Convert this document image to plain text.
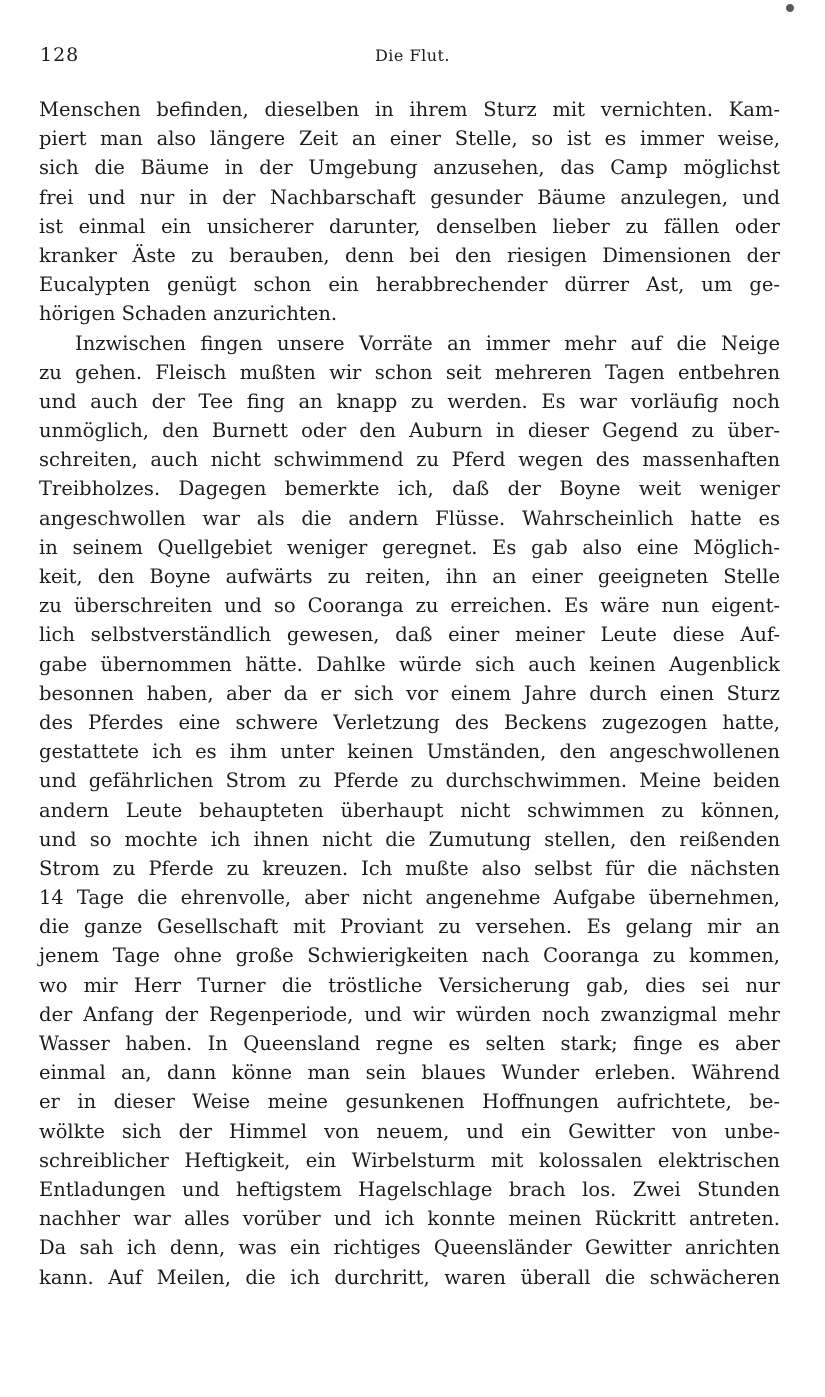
128	Die Flut.
Menschen befinden, dieselben in ihrem Sturz mit vernichten. Kam-
piert man also längere Zeit an einer Stelle, so ist es immer weise,
sich die Bäume in der Umgebung anzusehen, das Camp möglichst
frei und nur in der Nachbarschaft gesunder Bäume anzulegen, und
ist einmal ein unsicherer darunter, denselben lieber zu fällen oder
kranker Äste zu berauben, denn bei den riesigen Dimensionen der
Eucalypten genügt schon ein herabbrechender dürrer Ast, um ge-
hörigen Schaden anzurichten.
Inzwischen fingen unsere Vorräte an immer mehr auf die Neige
zu gehen. Fleisch mußten wir schon seit mehreren Tagen entbehren
und auch der Tee fing an knapp zu werden. Es war vorläufig noch
unmöglich, den Burnett oder den Auburn in dieser Gegend zu über-
schreiten, auch nicht schwimmend zu Pferd wegen des massenhaften
Treibholzes. Dagegen bemerkte ich, daß der Boyne weit weniger
angeschwollen war als die andern Flüsse. Wahrscheinlich hatte es
in seinem Quellgebiet weniger geregnet. Es gab also eine Möglich-
keit, den Boyne aufwärts zu reiten, ihn an einer geeigneten Stelle
zu überschreiten und so Cooranga zu erreichen. Es wäre nun eigent-
lich selbstverständlich gewesen, daß einer meiner Leute diese Auf-
gabe übernommen hätte. Dahlke würde sich auch keinen Augenblick
besonnen haben, aber da er sich vor einem Jahre durch einen Sturz
des Pferdes eine schwere Verletzung des Beckens zugezogen hatte,
gestattete ich es ihm unter keinen Umständen, den angeschwollenen
und gefährlichen Strom zu Pferde zu durchschwimmen. Meine beiden
andern Leute behaupteten überhaupt nicht schwimmen zu können,
und so mochte ich ihnen nicht die Zumutung stellen, den reißenden
Strom zu Pferde zu kreuzen. Ich mußte also selbst für die nächsten
14 Tage die ehrenvolle, aber nicht angenehme Aufgabe übernehmen,
die ganze Gesellschaft mit Proviant zu versehen. Es gelang mir an
jenem Tage ohne große Schwierigkeiten nach Cooranga zu kommen,
wo mir Herr Turner die tröstliche Versicherung gab, dies sei nur
der Anfang der Regenperiode, und wir würden noch zwanzigmal mehr
Wasser haben. In Queensland regne es selten stark; finge es aber
einmal an, dann könne man sein blaues Wunder erleben. Während
er in dieser Weise meine gesunkenen Hoffnungen aufrichtete, be-
wölkte sich der Himmel von neuem, und ein Gewitter von unbe-
schreiblicher Heftigkeit, ein Wirbelsturm mit kolossalen elektrischen
Entladungen und heftigstem Hagelschlage brach los. Zwei Stunden
nachher war alles vorüber und ich konnte meinen Rückritt antreten.
Da sah ich denn, was ein richtiges Queensländer Gewitter anrichten
kann. Auf Meilen, die ich durchritt, waren überall die schwächeren
